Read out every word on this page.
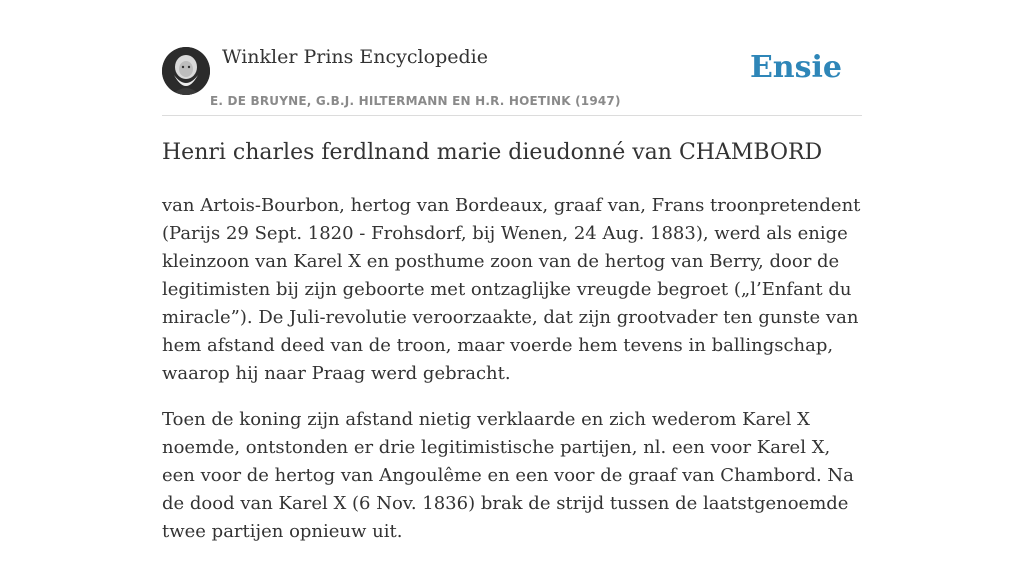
Winkler Prins Encyclopedie
E. DE BRUYNE, G.B.J. HILTERMANN EN H.R. HOETINK (1947)
Ensie
Henri charles ferdlnand marie dieudonné van CHAMBORD

van Artois-Bourbon, hertog van Bordeaux, graaf van, Frans troonpretendent (Parijs 29 Sept. 1820 - Frohsdorf, bij Wenen, 24 Aug. 1883), werd als enige kleinzoon van Karel X en posthume zoon van de hertog van Berry, door de legitimisten bij zijn geboorte met ontzaglijke vreugde begroet („l’Enfant du miracle”). De Juli-revolutie veroorzaakte, dat zijn grootvader ten gunste van hem afstand deed van de troon, maar voerde hem tevens in ballingschap, waarop hij naar Praag werd gebracht.

Toen de koning zijn afstand nietig verklaarde en zich wederom Karel X noemde, ontstonden er drie legitimistische partijen, nl. een voor Karel X, een voor de hertog van Angoulême en een voor de graaf van Chambord. Na de dood van Karel X (6 Nov. 1836) brak de strijd tussen de laatstgenoemde twee partijen opnieuw uit.
